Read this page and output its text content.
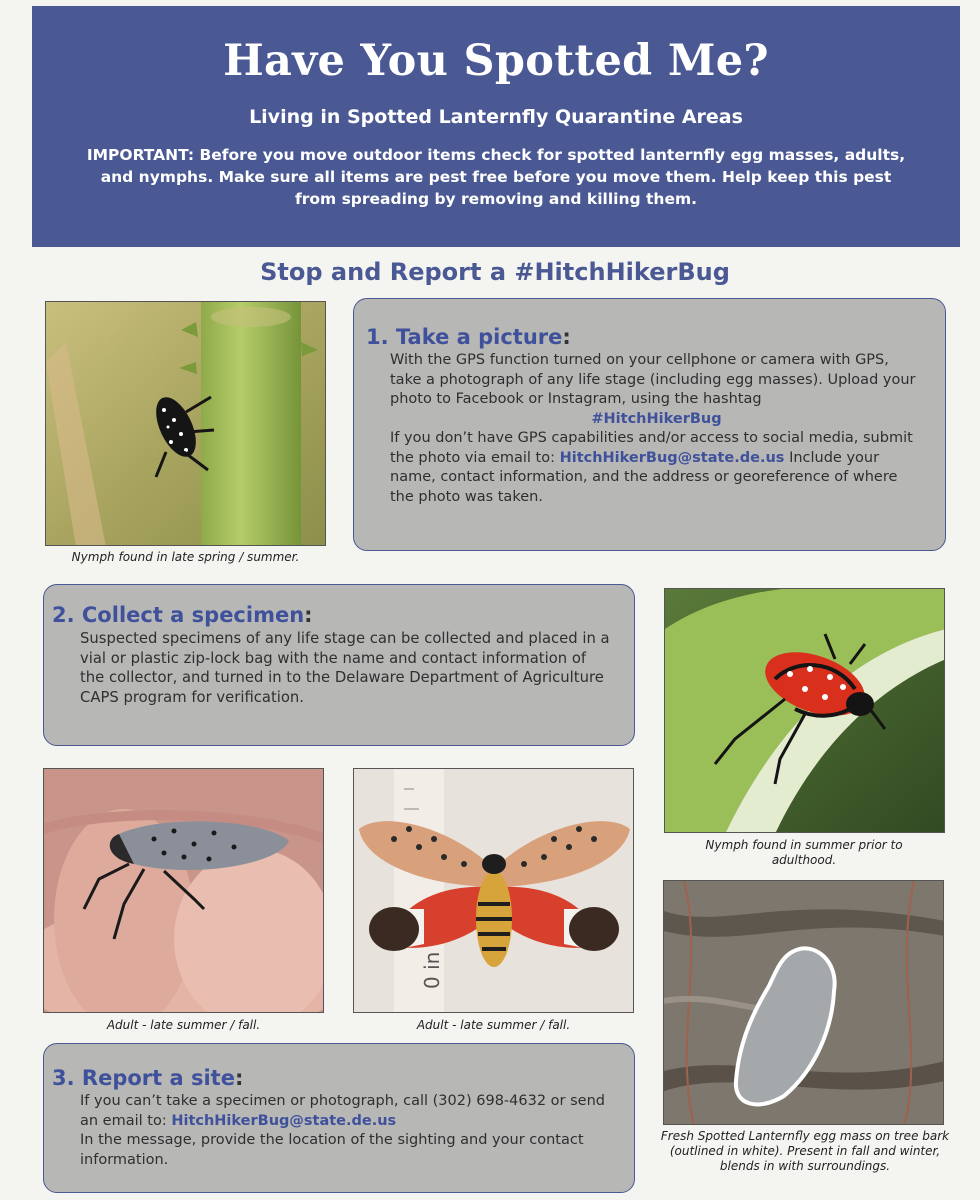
Have You Spotted Me?
Living in Spotted Lanternfly Quarantine Areas

IMPORTANT: Before you move outdoor items check for spotted lanternfly egg masses, adults, and nymphs. Make sure all items are pest free before you move them. Help keep this pest from spreading by removing and killing them.

Stop and Report a #HitchHikerBug
Nymph found in late spring / summer.
1. Take a picture:
With the GPS function turned on your cellphone or camera with GPS, take a photograph of any life stage (including egg masses). Upload your photo to Facebook or Instagram, using the hashtag
#HitchHikerBug
If you don’t have GPS capabilities and/or access to social media, submit the photo via email to: HitchHikerBug@state.de.us Include your name, contact information, and the address or georeference of where the photo was taken.
2. Collect a specimen:
Suspected specimens of any life stage can be collected and placed in a vial or plastic zip-lock bag with the name and contact information of the collector, and turned in to the Delaware Department of Agriculture CAPS program for verification.
Nymph found in summer prior to adulthood.
Adult - late summer / fall.
0 in
Adult - late summer / fall.
Fresh Spotted Lanternfly egg mass on tree bark (outlined in white). Present in fall and winter, blends in with surroundings.
3. Report a site:
If you can’t take a specimen or photograph, call (302) 698-4632 or send an email to: HitchHikerBug@state.de.us
In the message, provide the location of the sighting and your contact information.
